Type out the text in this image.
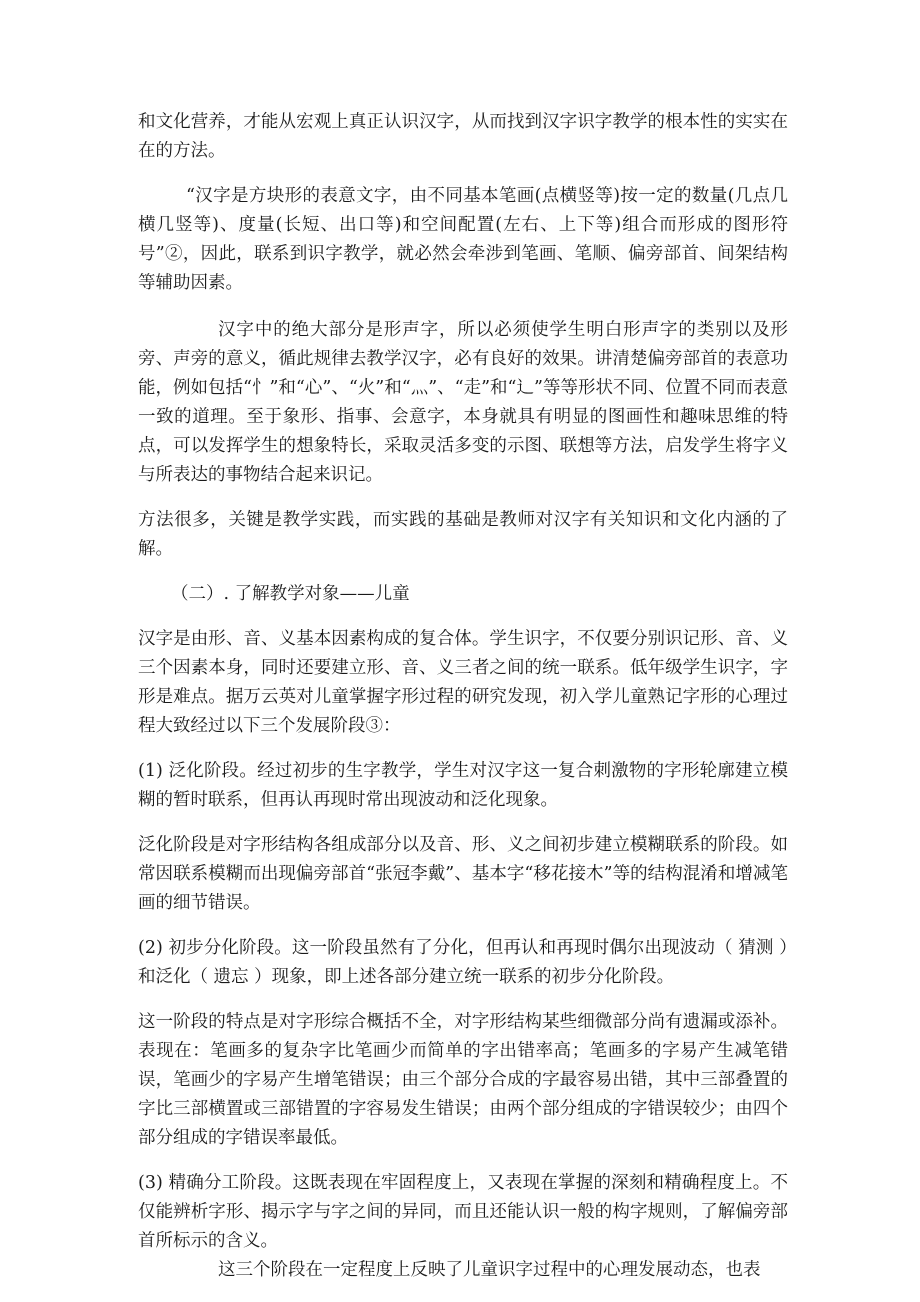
和文化营养，才能从宏观上真正认识汉字，从而找到汉字识字教学的根本性的实实在在的方法。

“汉字是方块形的表意文字，由不同基本笔画(点横竖等)按一定的数量(几点几横几竖等)、度量(长短、出口等)和空间配置(左右、上下等)组合而形成的图形符号”②，因此，联系到识字教学，就必然会牵涉到笔画、笔顺、偏旁部首、间架结构等辅助因素。

汉字中的绝大部分是形声字，所以必须使学生明白形声字的类别以及形旁、声旁的意义，循此规律去教学汉字，必有良好的效果。讲清楚偏旁部首的表意功能，例如包括“忄”和“心”、“火”和“灬”、“走”和“辶”等等形状不同、位置不同而表意一致的道理。至于象形、指事、会意字，本身就具有明显的图画性和趣味思维的特点，可以发挥学生的想象特长，采取灵活多变的示图、联想等方法，启发学生将字义与所表达的事物结合起来识记。

方法很多，关键是教学实践，而实践的基础是教师对汉字有关知识和文化内涵的了解。

（二）. 了解教学对象——儿童

汉字是由形、音、义基本因素构成的复合体。学生识字，不仅要分别识记形、音、义三个因素本身，同时还要建立形、音、义三者之间的统一联系。低年级学生识字，字形是难点。据万云英对儿童掌握字形过程的研究发现，初入学儿童熟记字形的心理过程大致经过以下三个发展阶段③：

(1) 泛化阶段。经过初步的生字教学，学生对汉字这一复合刺激物的字形轮廓建立模糊的暂时联系，但再认再现时常出现波动和泛化现象。

泛化阶段是对字形结构各组成部分以及音、形、义之间初步建立模糊联系的阶段。如常因联系模糊而出现偏旁部首“张冠李戴”、基本字“移花接木”等的结构混淆和增减笔画的细节错误。

(2) 初步分化阶段。这一阶段虽然有了分化，但再认和再现时偶尔出现波动（ 猜测 ）和泛化（ 遗忘 ）现象，即上述各部分建立统一联系的初步分化阶段。

这一阶段的特点是对字形综合概括不全，对字形结构某些细微部分尚有遗漏或添补。表现在：笔画多的复杂字比笔画少而简单的字出错率高；笔画多的字易产生减笔错误，笔画少的字易产生增笔错误；由三个部分合成的字最容易出错，其中三部叠置的字比三部横置或三部错置的字容易发生错误；由两个部分组成的字错误较少；由四个部分组成的字错误率最低。

(3) 精确分工阶段。这既表现在牢固程度上，又表现在掌握的深刻和精确程度上。不仅能辨析字形、揭示字与字之间的异同，而且还能认识一般的构字规则，了解偏旁部首所标示的含义。

这三个阶段在一定程度上反映了儿童识字过程中的心理发展动态，也表
